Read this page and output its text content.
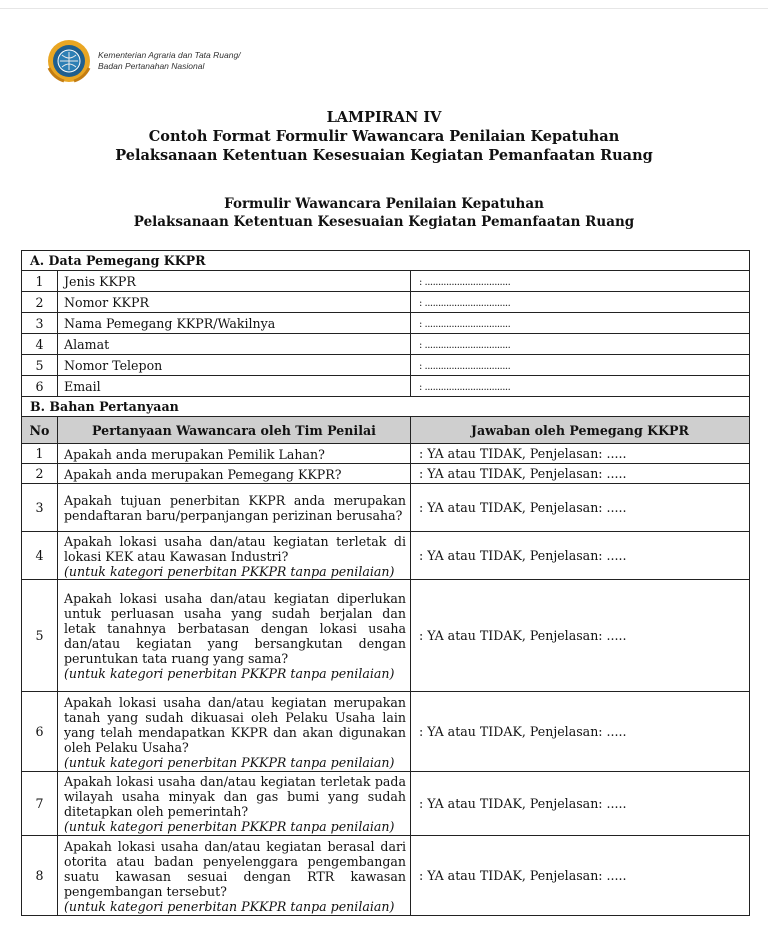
Kementerian Agraria dan Tata Ruang/
Badan Pertanahan Nasional
LAMPIRAN IV
Contoh Format Formulir Wawancara Penilaian Kepatuhan
Pelaksanaan Ketentuan Kesesuaian Kegiatan Pemanfaatan Ruang
Formulir Wawancara Penilaian Kepatuhan
Pelaksanaan Ketentuan Kesesuaian Kegiatan Pemanfaatan Ruang
A. Data Pemegang KKPR		
1	Jenis KKPR	: ................................
2	Nomor KKPR	: ................................
3	Nama Pemegang KKPR/Wakilnya	: ................................
4	Alamat	: ................................
5	Nomor Telepon	: ................................
6	Email	: ................................
B. Bahan Pertanyaan		
No	Pertanyaan Wawancara oleh Tim Penilai	Jawaban oleh Pemegang KKPR
1	Apakah anda merupakan Pemilik Lahan?	: YA atau TIDAK, Penjelasan: .....
2	Apakah anda merupakan Pemegang KKPR?	: YA atau TIDAK, Penjelasan: .....
3	Apakah tujuan penerbitan KKPR anda merupakan pendaftaran baru/perpanjangan perizinan berusaha?	: YA atau TIDAK, Penjelasan: .....
4	Apakah lokasi usaha dan/atau kegiatan terletak di lokasi KEK atau Kawasan Industri?
(untuk kategori penerbitan PKKPR tanpa penilaian)	: YA atau TIDAK, Penjelasan: .....
5	Apakah lokasi usaha dan/atau kegiatan diperlukan untuk perluasan usaha yang sudah berjalan dan letak tanahnya berbatasan dengan lokasi usaha dan/atau kegiatan yang bersangkutan dengan peruntukan tata ruang yang sama?
(untuk kategori penerbitan PKKPR tanpa penilaian)	: YA atau TIDAK, Penjelasan: .....
6	Apakah lokasi usaha dan/atau kegiatan merupakan tanah yang sudah dikuasai oleh Pelaku Usaha lain yang telah mendapatkan KKPR dan akan digunakan oleh Pelaku Usaha?
(untuk kategori penerbitan PKKPR tanpa penilaian)	: YA atau TIDAK, Penjelasan: .....
7	Apakah lokasi usaha dan/atau kegiatan terletak pada wilayah usaha minyak dan gas bumi yang sudah ditetapkan oleh pemerintah?
(untuk kategori penerbitan PKKPR tanpa penilaian)	: YA atau TIDAK, Penjelasan: .....
8	Apakah lokasi usaha dan/atau kegiatan berasal dari otorita atau badan penyelenggara pengembangan suatu kawasan sesuai dengan RTR kawasan pengembangan tersebut?
(untuk kategori penerbitan PKKPR tanpa penilaian)	: YA atau TIDAK, Penjelasan: .....
